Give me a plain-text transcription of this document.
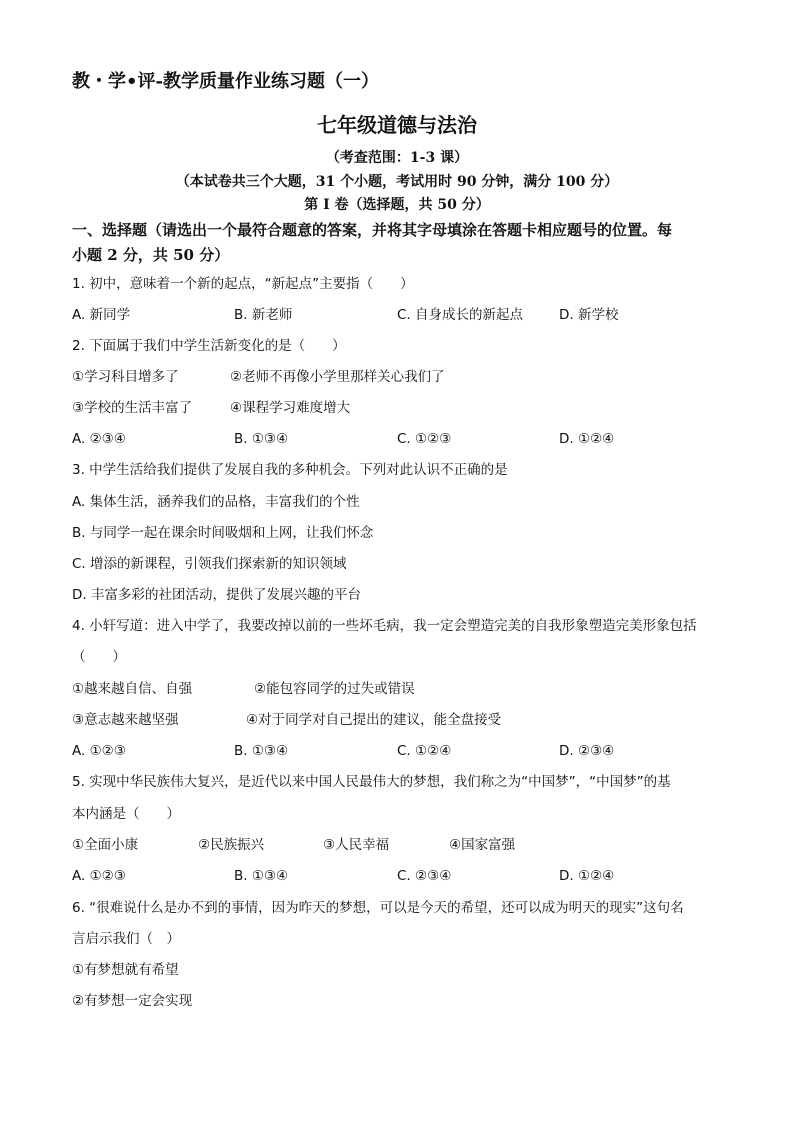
教・学•评-教学质量作业练习题（一）
七年级道德与法治
（考查范围：1-3 课）
（本试卷共三个大题，31 个小题，考试用时 90 分钟，满分 100 分）
第 I 卷（选择题，共 50 分）
一、选择题（请选出一个最符合题意的答案，并将其字母填涂在答题卡相应题号的位置。每
小题 2 分，共 50 分）
1. 初中，意味着一个新的起点，“新起点”主要指（　　）
A. 新同学	B. 新老师	C. 自身成长的新起点	D. 新学校
2. 下面属于我们中学生活新变化的是（　　）
①学习科目增多了	②老师不再像小学里那样关心我们了
③学校的生活丰富了	④课程学习难度增大
A. ②③④	B. ①③④	C. ①②③	D. ①②④
3. 中学生活给我们提供了发展自我的多种机会。下列对此认识不正确的是
A. 集体生活，涵养我们的品格，丰富我们的个性
B. 与同学一起在课余时间吸烟和上网，让我们怀念
C. 增添的新课程，引领我们探索新的知识领域
D. 丰富多彩的社团活动，提供了发展兴趣的平台
4. 小轩写道：进入中学了，我要改掉以前的一些坏毛病，我一定会塑造完美的自我形象塑造完美形象包括
（　　）
①越来越自信、自强	②能包容同学的过失或错误
③意志越来越坚强	④对于同学对自己提出的建议，能全盘接受
A. ①②③	B. ①③④	C. ①②④	D. ②③④
5. 实现中华民族伟大复兴，是近代以来中国人民最伟大的梦想，我们称之为“中国梦”，“中国梦”的基
本内涵是（　　）
①全面小康	②民族振兴	③人民幸福	④国家富强
A. ①②③	B. ①③④	C. ②③④	D. ①②④
6. “很难说什么是办不到的事情，因为昨天的梦想，可以是今天的希望，还可以成为明天的现实”这句名
言启示我们（　）
①有梦想就有希望
②有梦想一定会实现
